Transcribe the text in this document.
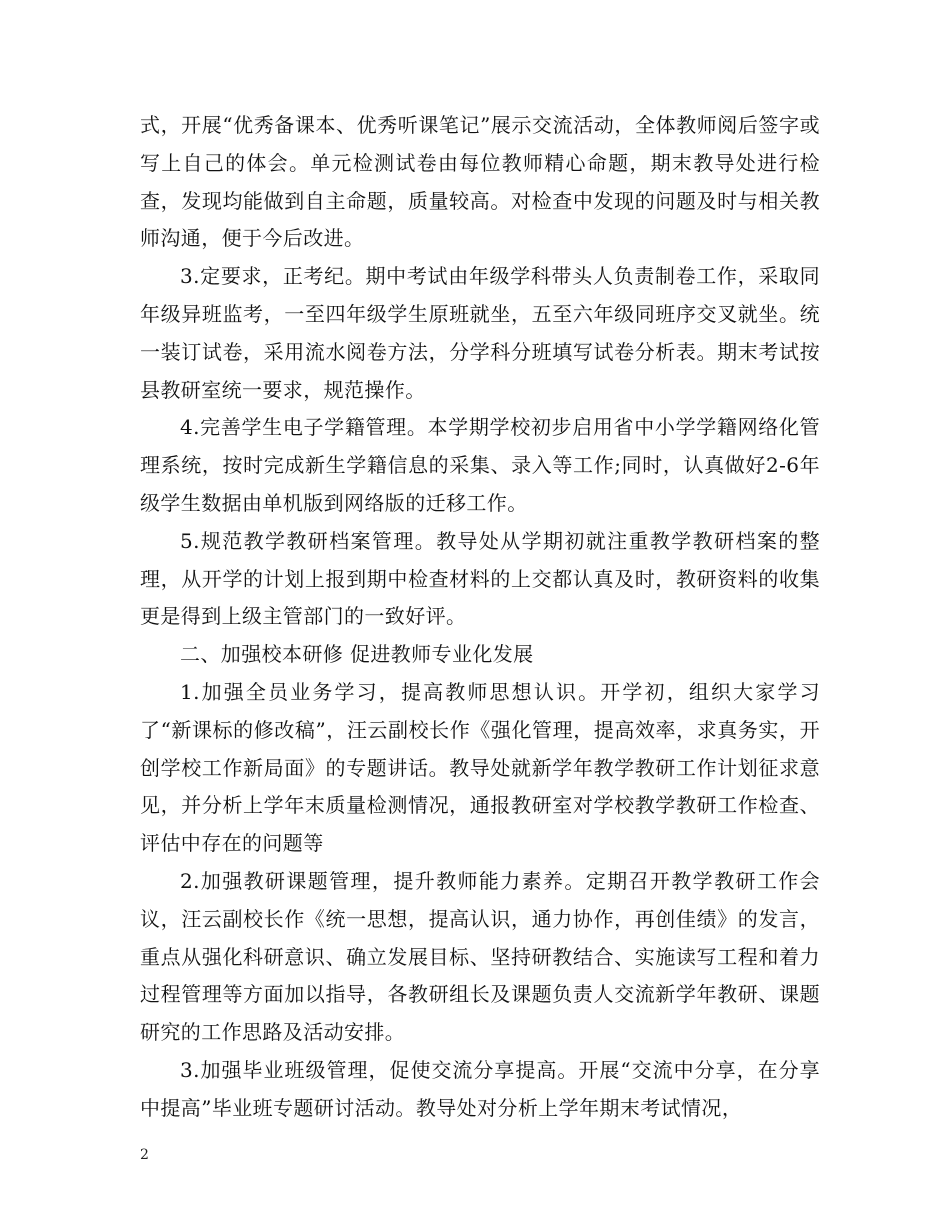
式，开展“优秀备课本、优秀听课笔记”展示交流活动，全体教师阅后签字或写上自己的体会。单元检测试卷由每位教师精心命题，期末教导处进行检查，发现均能做到自主命题，质量较高。对检查中发现的问题及时与相关教师沟通，便于今后改进。

3.定要求，正考纪。期中考试由年级学科带头人负责制卷工作，采取同年级异班监考，一至四年级学生原班就坐，五至六年级同班序交叉就坐。统一装订试卷，采用流水阅卷方法，分学科分班填写试卷分析表。期末考试按县教研室统一要求，规范操作。

4.完善学生电子学籍管理。本学期学校初步启用省中小学学籍网络化管理系统，按时完成新生学籍信息的采集、录入等工作;同时，认真做好2-6年级学生数据由单机版到网络版的迁移工作。

5.规范教学教研档案管理。教导处从学期初就注重教学教研档案的整理，从开学的计划上报到期中检查材料的上交都认真及时，教研资料的收集更是得到上级主管部门的一致好评。

二、加强校本研修 促进教师专业化发展

1.加强全员业务学习，提高教师思想认识。开学初，组织大家学习了“新课标的修改稿”，汪云副校长作《强化管理，提高效率，求真务实，开创学校工作新局面》的专题讲话。教导处就新学年教学教研工作计划征求意见，并分析上学年末质量检测情况，通报教研室对学校教学教研工作检查、评估中存在的问题等

2.加强教研课题管理，提升教师能力素养。定期召开教学教研工作会议，汪云副校长作《统一思想，提高认识，通力协作，再创佳绩》的发言，重点从强化科研意识、确立发展目标、坚持研教结合、实施读写工程和着力过程管理等方面加以指导，各教研组长及课题负责人交流新学年教研、课题研究的工作思路及活动安排。

3.加强毕业班级管理，促使交流分享提高。开展“交流中分享，在分享中提高”毕业班专题研讨活动。教导处对分析上学年期末考试情况，

2
